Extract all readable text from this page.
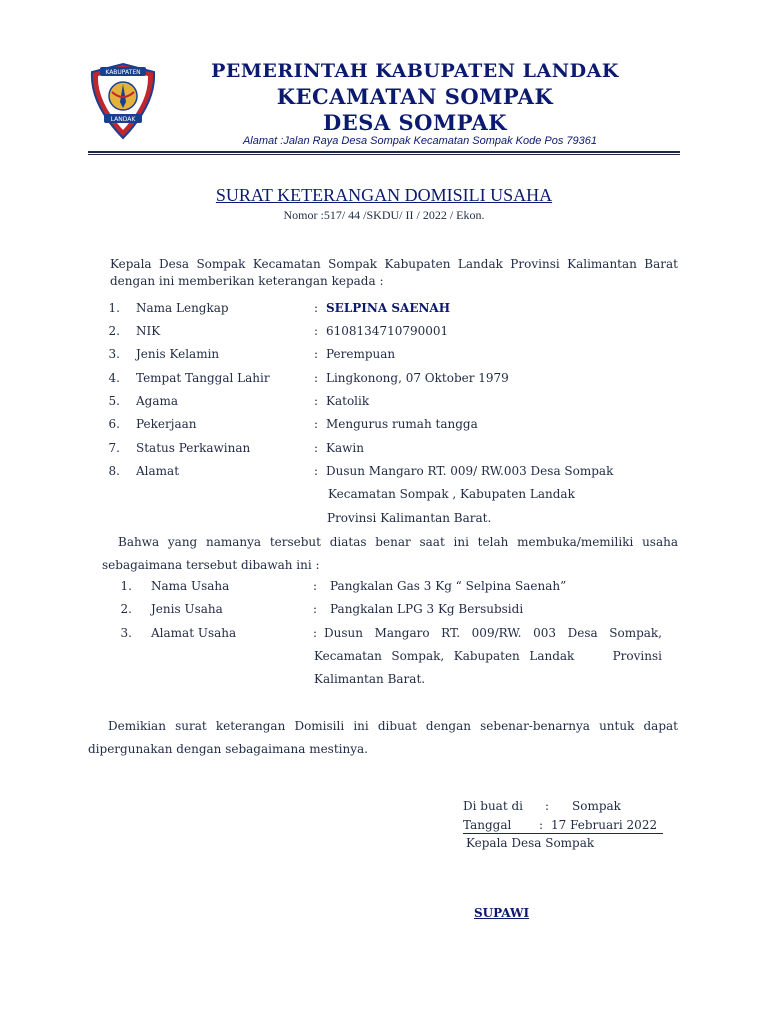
KABUPATEN
LANDAK
PEMERINTAH KABUPATEN LANDAK
KECAMATAN SOMPAK
DESA SOMPAK
Alamat :Jalan Raya Desa Sompak Kecamatan Sompak Kode Pos 79361
SURAT KETERANGAN DOMISILI USAHA
Nomor :517/ 44 /SKDU/ II / 2022 / Ekon.
Kepala Desa Sompak Kecamatan Sompak Kabupaten Landak Provinsi Kalimantan Barat
dengan ini memberikan keterangan kepada :
1. Nama Lengkap	: SELPINA SAENAH
2. NIK	: 6108134710790001
3. Jenis Kelamin	: Perempuan
4. Tempat Tanggal Lahir	: Lingkonong, 07 Oktober 1979
5. Agama	: Katolik
6. Pekerjaan	: Mengurus rumah tangga
7. Status Perkawinan	: Kawin
8. Alamat	: Dusun Mangaro RT. 009/ RW.003 Desa Sompak
Kecamatan Sompak , Kabupaten Landak
Provinsi Kalimantan Barat.
Bahwa yang namanya tersebut diatas benar saat ini telah membuka/memiliki usaha
sebagaimana tersebut dibawah ini :
1. Nama Usaha	: Pangkalan Gas 3 Kg “ Selpina Saenah”
2. Jenis Usaha	: Pangkalan LPG 3 Kg Bersubsidi
3. Alamat Usaha	: Dusun Mangaro RT. 009/RW. 003 Desa Sompak,
Kecamatan Sompak, Kabupaten Landak    Provinsi
Kalimantan Barat.
Demikian surat keterangan Domisili ini dibuat dengan sebenar-benarnya untuk dapat
dipergunakan dengan sebagaimana mestinya.
Di buat di : Sompak
Tanggal : 17 Februari 2022
Kepala Desa Sompak
SUPAWI
